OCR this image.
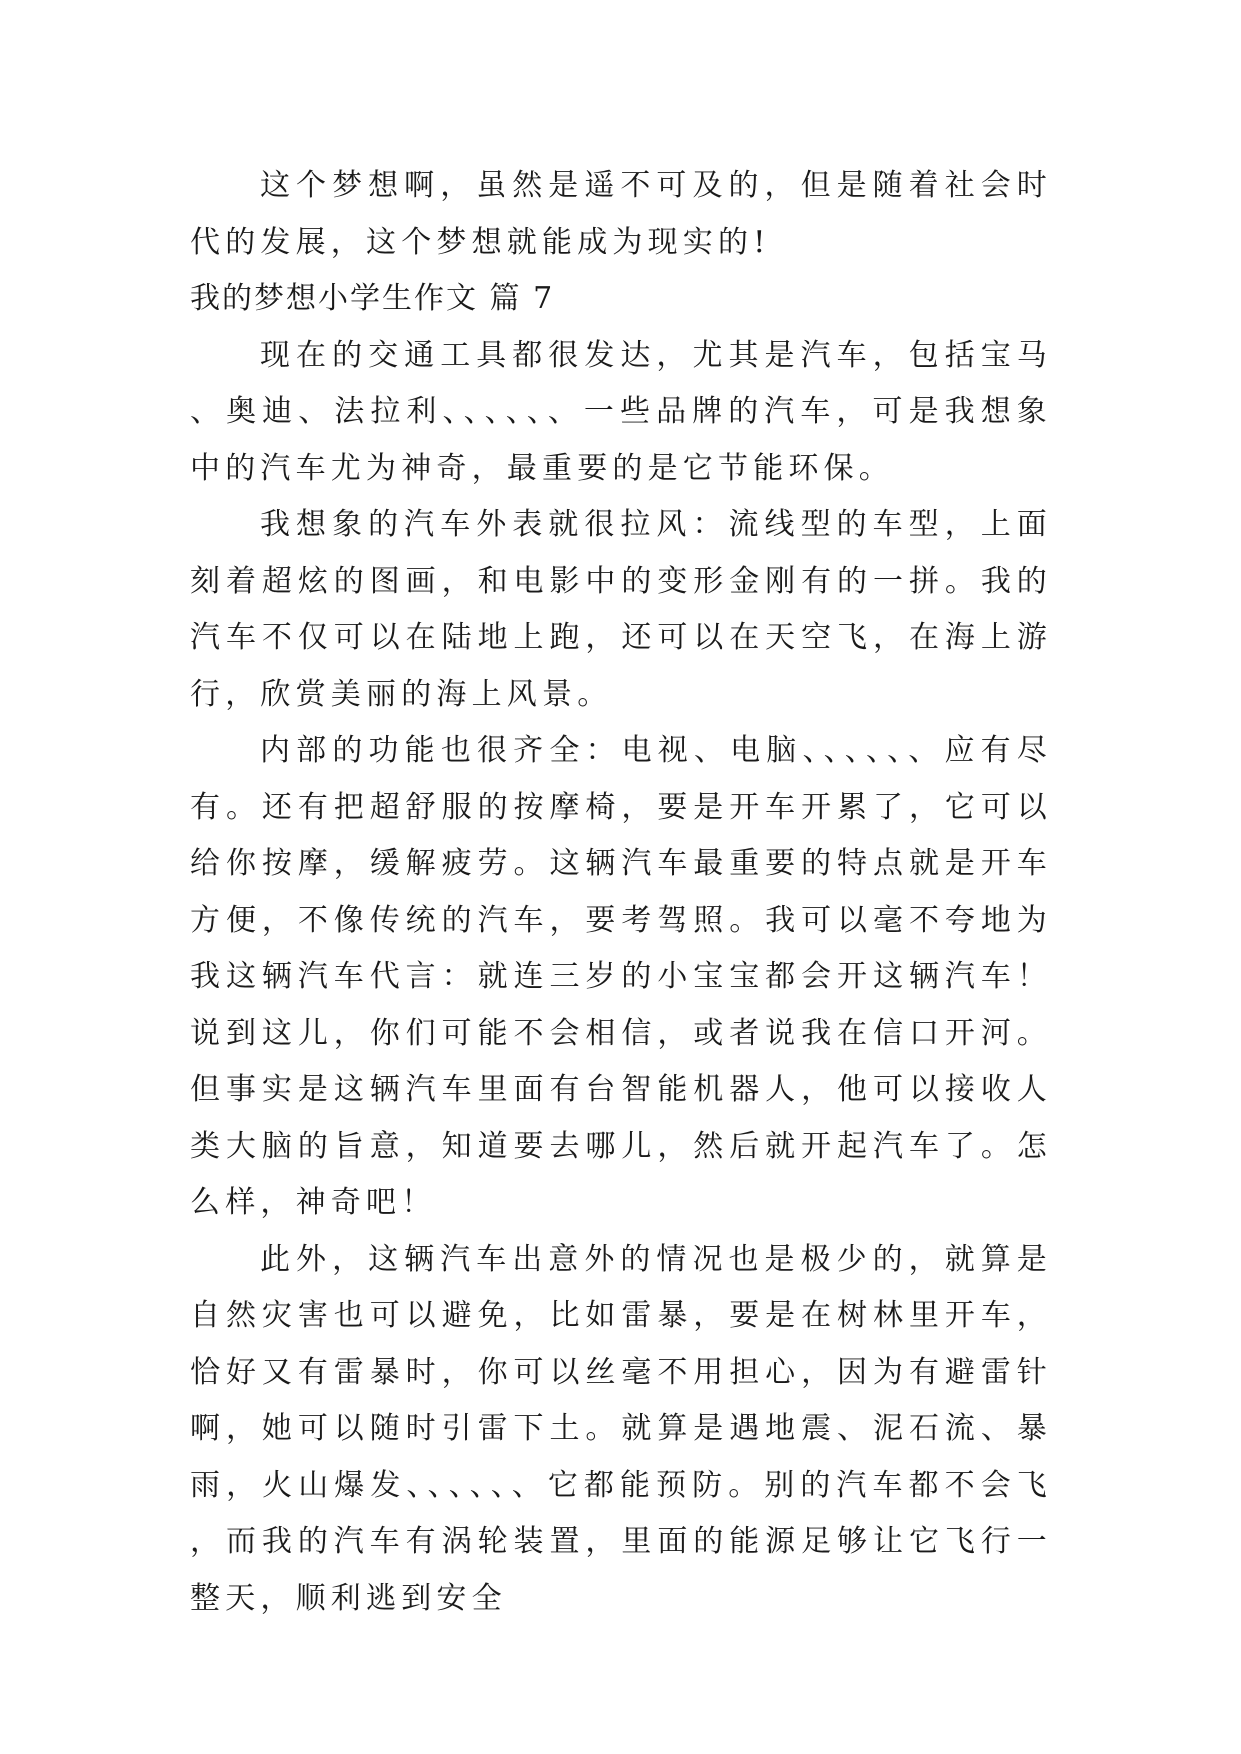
这个梦想啊，虽然是遥不可及的，但是随着社会时代的发展，这个梦想就能成为现实的!

我的梦想小学生作文 篇 7

现在的交通工具都很发达，尤其是汽车，包括宝马、奥迪、法拉利、、、、、、一些品牌的汽车，可是我想象中的汽车尤为神奇，最重要的是它节能环保。

我想象的汽车外表就很拉风：流线型的车型，上面刻着超炫的图画，和电影中的变形金刚有的一拼。我的汽车不仅可以在陆地上跑，还可以在天空飞，在海上游行，欣赏美丽的海上风景。

内部的功能也很齐全：电视、电脑、、、、、、应有尽有。还有把超舒服的按摩椅，要是开车开累了，它可以给你按摩，缓解疲劳。这辆汽车最重要的特点就是开车方便，不像传统的汽车，要考驾照。我可以毫不夸地为我这辆汽车代言：就连三岁的小宝宝都会开这辆汽车！说到这儿，你们可能不会相信，或者说我在信口开河。但事实是这辆汽车里面有台智能机器人，他可以接收人类大脑的旨意，知道要去哪儿，然后就开起汽车了。怎么样，神奇吧！

此外，这辆汽车出意外的情况也是极少的，就算是自然灾害也可以避免，比如雷暴，要是在树林里开车，恰好又有雷暴时，你可以丝毫不用担心，因为有避雷针啊，她可以随时引雷下土。就算是遇地震、泥石流、暴雨，火山爆发、、、、、、它都能预防。别的汽车都不会飞，而我的汽车有涡轮装置，里面的能源足够让它飞行一整天，顺利逃到安全
